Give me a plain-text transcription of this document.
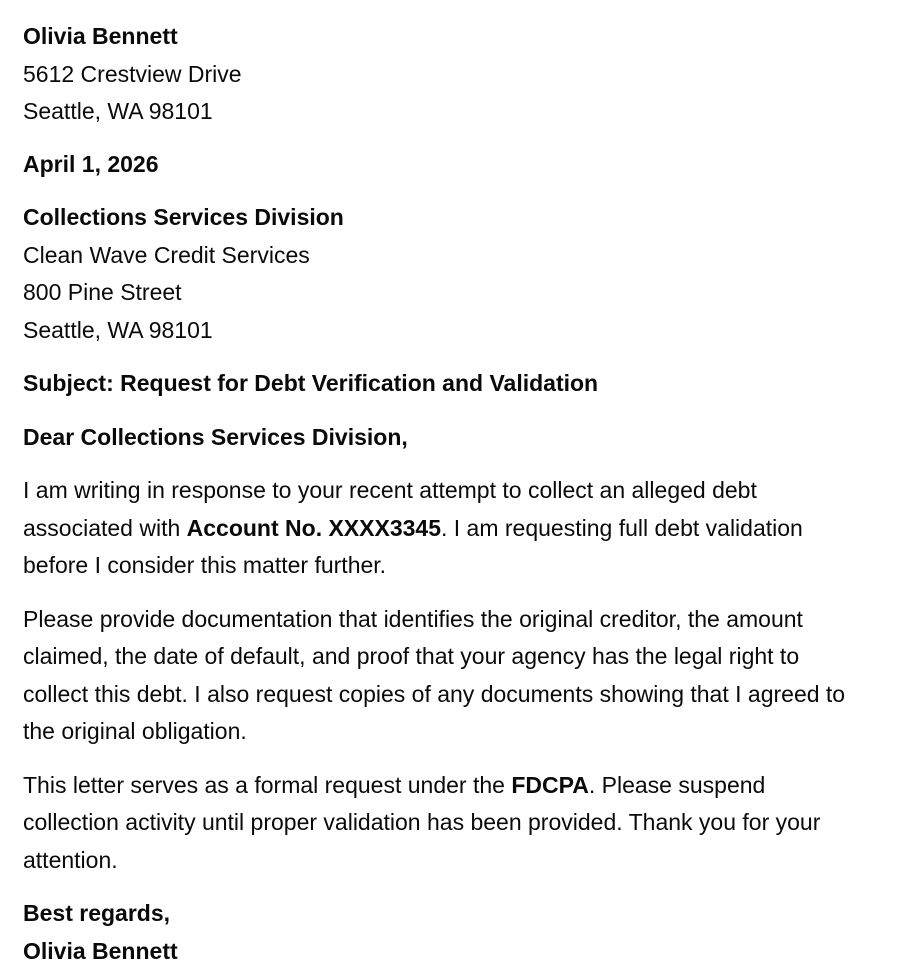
Olivia Bennett
5612 Crestview Drive
Seattle, WA 98101
April 1, 2026
Collections Services Division
Clean Wave Credit Services
800 Pine Street
Seattle, WA 98101
Subject: Request for Debt Verification and Validation
Dear Collections Services Division,

I am writing in response to your recent attempt to collect an alleged debt associated with Account No. XXXX3345. I am requesting full debt validation before I consider this matter further.

Please provide documentation that identifies the original creditor, the amount claimed, the date of default, and proof that your agency has the legal right to collect this debt. I also request copies of any documents showing that I agreed to the original obligation.

This letter serves as a formal request under the FDCPA. Please suspend collection activity until proper validation has been provided. Thank you for your attention.

Best regards,
Olivia Bennett
